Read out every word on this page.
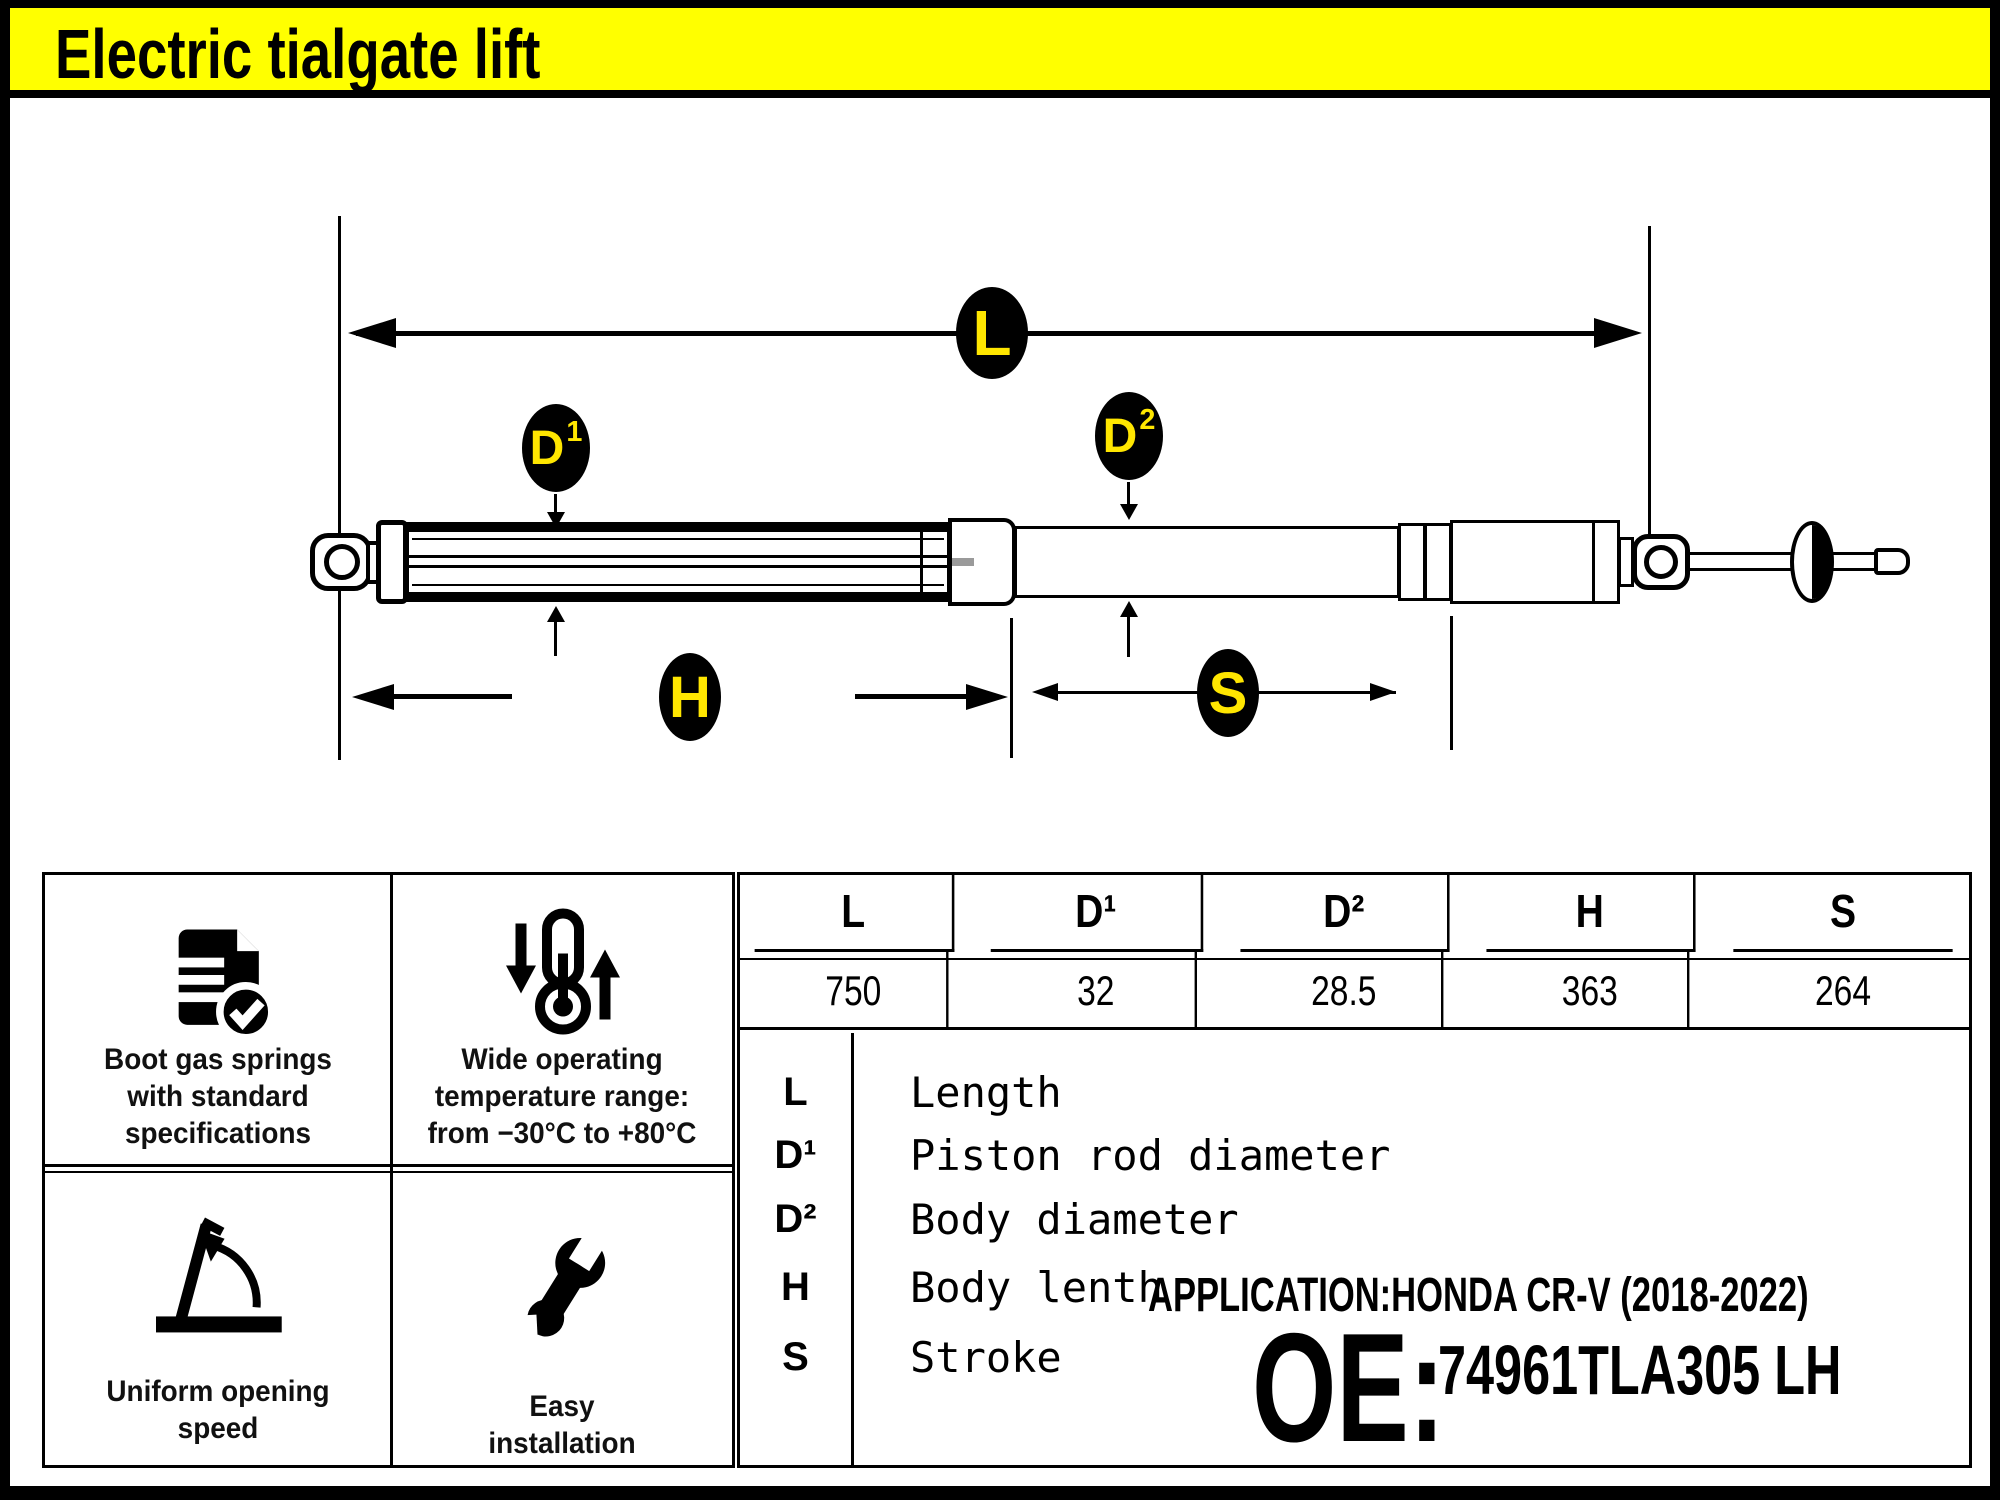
Electric tialgate lift
L
D 1	D 2
H	S
Boot gas springs
with standard
specifications
Wide operating
temperature range:
from −30°C to +80°C
Uniform opening
speed
Easy
installation
L	D¹	D²	H	S
750	32	28.5	363	264
L	Length
D¹	Piston rod diameter
D²	Body diameter
H	Body lenth
S	Stroke
APPLICATION:HONDA CR-V (2018-2022)
OE:
74961TLA305 LH
